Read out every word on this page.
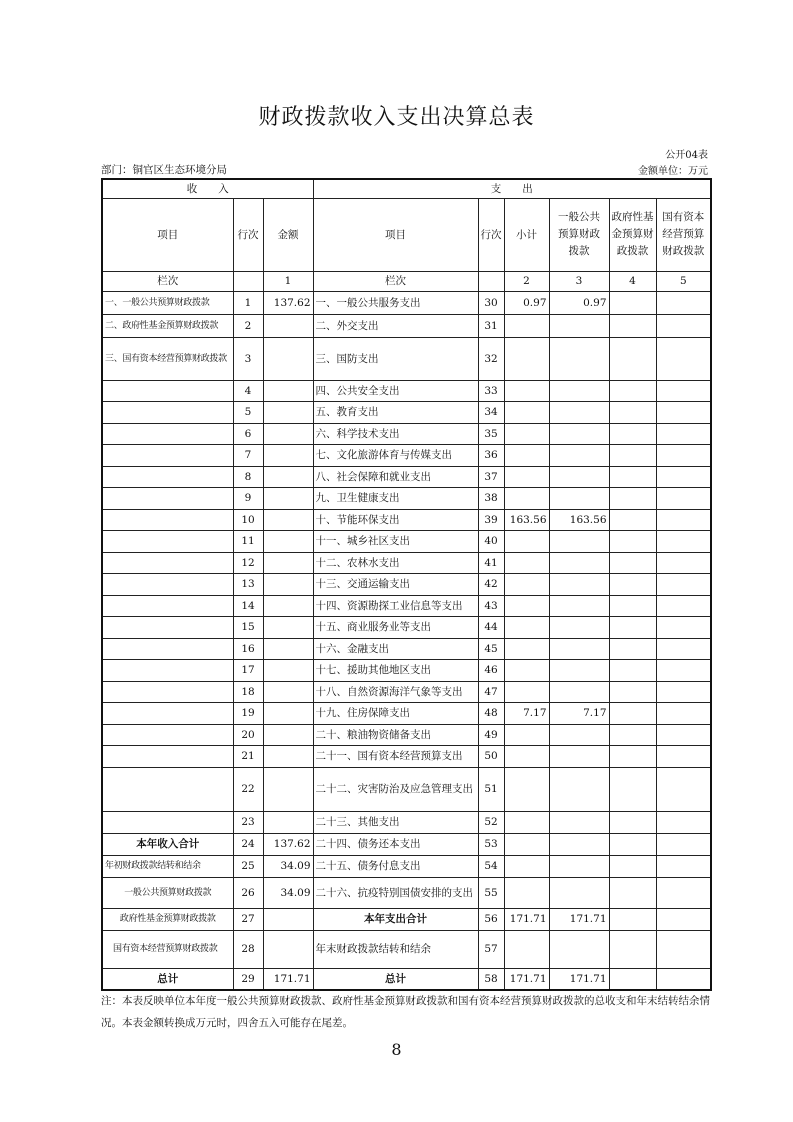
财政拨款收入支出决算总表
公开04表
部门：铜官区生态环境分局	金额单位：万元
收　　入			支　　出					
项目	行次	金额	项目	行次	小计	一般公共预算财政拨款	政府性基金预算财政拨款	国有资本经营预算财政拨款
栏次		1	栏次		2	3	4	5
一、一般公共预算财政拨款	1	137.62	一、一般公共服务支出	30	0.97	0.97		
二、政府性基金预算财政拨款	2		二、外交支出	31				
三、国有资本经营预算财政拨款	3		三、国防支出	32				
	4		四、公共安全支出	33				
	5		五、教育支出	34				
	6		六、科学技术支出	35				
	7		七、文化旅游体育与传媒支出	36				
	8		八、社会保障和就业支出	37				
	9		九、卫生健康支出	38				
	10		十、节能环保支出	39	163.56	163.56		
	11		十一、城乡社区支出	40				
	12		十二、农林水支出	41				
	13		十三、交通运输支出	42				
	14		十四、资源勘探工业信息等支出	43				
	15		十五、商业服务业等支出	44				
	16		十六、金融支出	45				
	17		十七、援助其他地区支出	46				
	18		十八、自然资源海洋气象等支出	47				
	19		十九、住房保障支出	48	7.17	7.17		
	20		二十、粮油物资储备支出	49				
	21		二十一、国有资本经营预算支出	50				
	22		二十二、灾害防治及应急管理支出	51				
	23		二十三、其他支出	52				
本年收入合计	24	137.62	二十四、债务还本支出	53				
年初财政拨款结转和结余	25	34.09	二十五、债务付息支出	54				
一般公共预算财政拨款	26	34.09	二十六、抗疫特别国债安排的支出	55				
政府性基金预算财政拨款	27		本年支出合计	56	171.71	171.71		
国有资本经营预算财政拨款	28		年末财政拨款结转和结余	57				
总计	29	171.71	总计	58	171.71	171.71		
注：本表反映单位本年度一般公共预算财政拨款、政府性基金预算财政拨款和国有资本经营预算财政拨款的总收支和年末结转结余情况。本表金额转换成万元时，四舍五入可能存在尾差。
8
